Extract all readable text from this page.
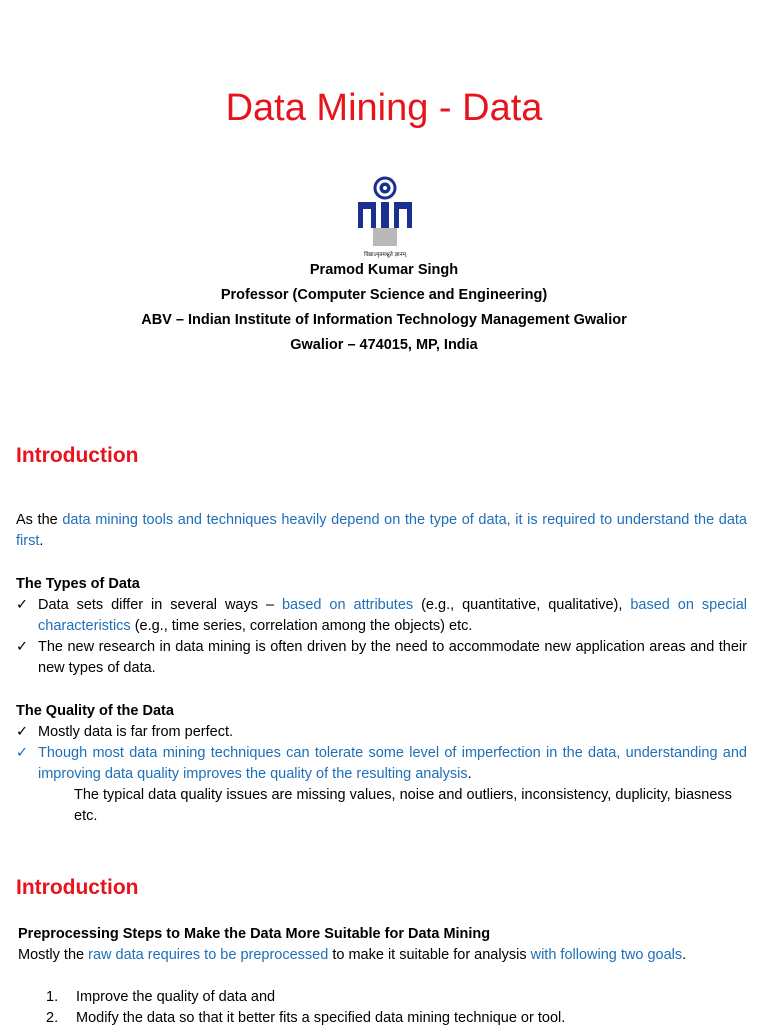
Data Mining - Data
विद्याऽमृतमश्नुते ज्ञानम्
Pramod Kumar Singh
Professor (Computer Science and Engineering)
ABV – Indian Institute of Information Technology Management Gwalior
Gwalior – 474015, MP, India
Introduction
As the data mining tools and techniques heavily depend on the type of data, it is required to understand the data first.
The Types of Data
✓ Data sets differ in several ways – based on attributes (e.g., quantitative, qualitative), based on special characteristics (e.g., time series, correlation among the objects) etc.
✓ The new research in data mining is often driven by the need to accommodate new application areas and their new types of data.
The Quality of the Data
✓ Mostly data is far from perfect.
✓ Though most data mining techniques can tolerate some level of imperfection in the data, understanding and improving data quality improves the quality of the resulting analysis.
The typical data quality issues are missing values, noise and outliers, inconsistency, duplicity, biasness etc.
Introduction
Preprocessing Steps to Make the Data More Suitable for Data Mining
Mostly the raw data requires to be preprocessed to make it suitable for analysis with following two goals.
1. Improve the quality of data and
2. Modify the data so that it better fits a specified data mining technique or tool.
